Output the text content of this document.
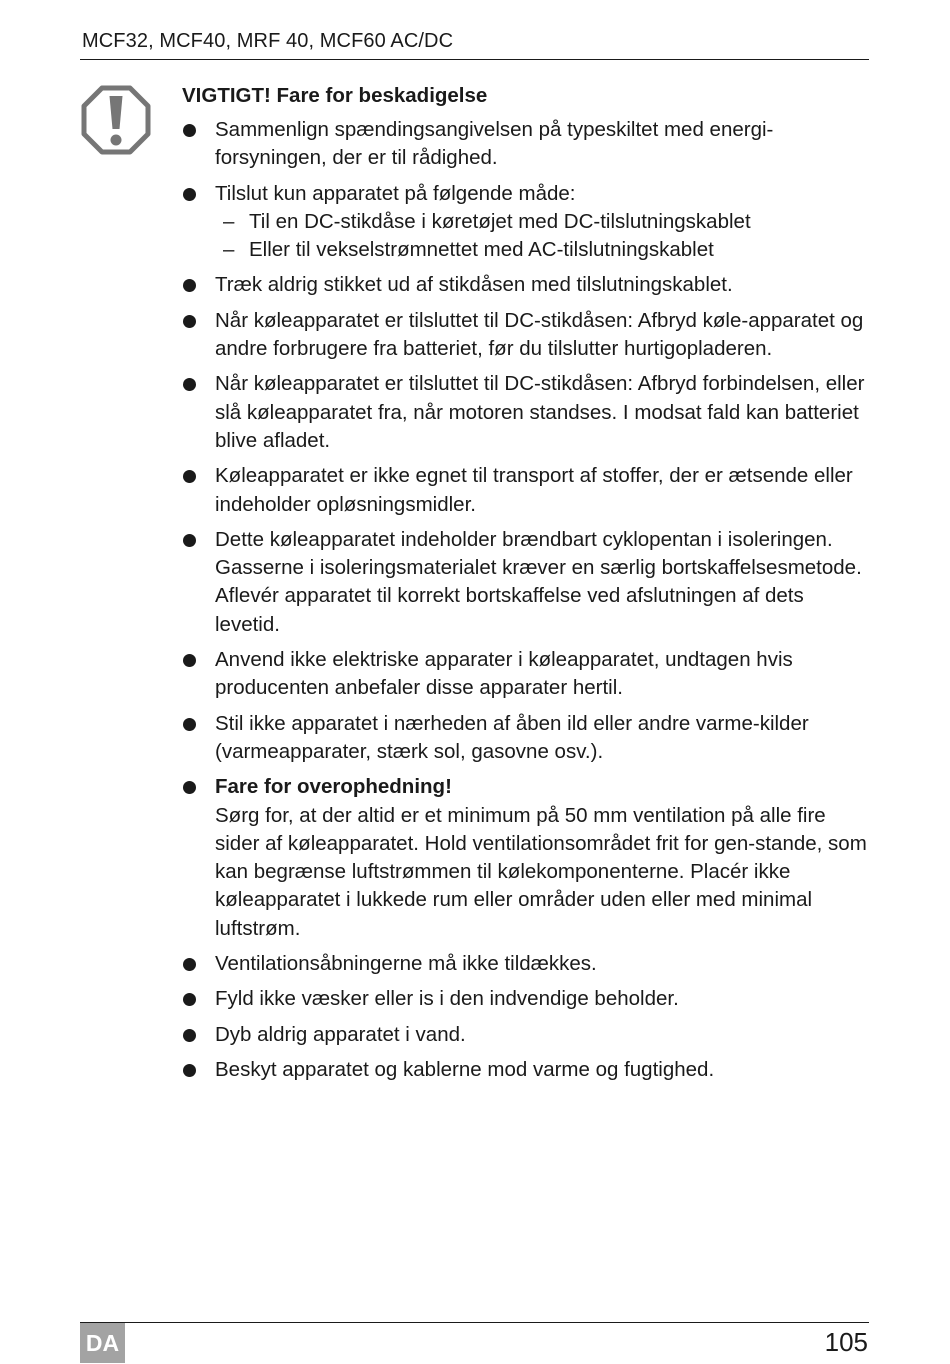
MCF32, MCF40, MRF 40, MCF60 AC/DC
VIGTIGT! Fare for beskadigelse
Sammenlign spændingsangivelsen på typeskiltet med energi-forsyningen, der er til rådighed.
Tilslut kun apparatet på følgende måde:
– Til en DC-stikdåse i køretøjet med DC-tilslutningskablet
– Eller til vekselstrømnettet med AC-tilslutningskablet
Træk aldrig stikket ud af stikdåsen med tilslutningskablet.
Når køleapparatet er tilsluttet til DC-stikdåsen: Afbryd køle-apparatet og andre forbrugere fra batteriet, før du tilslutter hurtigopladeren.
Når køleapparatet er tilsluttet til DC-stikdåsen: Afbryd forbindelsen, eller slå køleapparatet fra, når motoren standses. I modsat fald kan batteriet blive afladet.
Køleapparatet er ikke egnet til transport af stoffer, der er ætsende eller indeholder opløsningsmidler.
Dette køleapparatet indeholder brændbart cyklopentan i isoleringen. Gasserne i isoleringsmaterialet kræver en særlig bortskaffelsesmetode. Aflevér apparatet til korrekt bortskaffelse ved afslutningen af dets levetid.
Anvend ikke elektriske apparater i køleapparatet, undtagen hvis producenten anbefaler disse apparater hertil.
Stil ikke apparatet i nærheden af åben ild eller andre varme-kilder (varmeapparater, stærk sol, gasovne osv.).
Fare for overophedning!
Sørg for, at der altid er et minimum på 50 mm ventilation på alle fire sider af køleapparatet. Hold ventilationsområdet frit for gen-stande, som kan begrænse luftstrømmen til kølekomponenterne. Placér ikke køleapparatet i lukkede rum eller områder uden eller med minimal luftstrøm.
Ventilationsåbningerne må ikke tildækkes.
Fyld ikke væsker eller is i den indvendige beholder.
Dyb aldrig apparatet i vand.
Beskyt apparatet og kablerne mod varme og fugtighed.
DA	105
